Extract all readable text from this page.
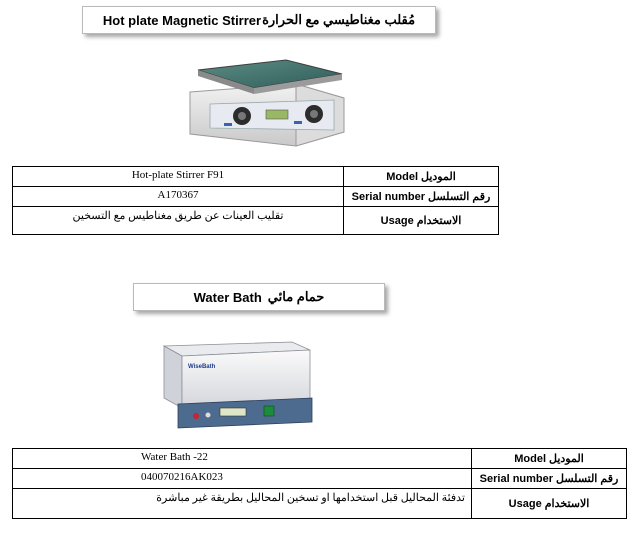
Hot plate Magnetic Stirrer مُقلب مغناطيسي مع الحرارة
Hot-plate Stirrer F91	Model الموديل
A170367	Serial number رقم التسلسل
تقليب العينات عن طريق مغناطيس مع التسخين	Usage الاستخدام
Water Bath حمام مائي
WiseBath
Water Bath -22	Model الموديل
040070216AK023	Serial number رقم التسلسل
تدفئة المحاليل قبل استخدامها او تسخين المحاليل بطريقة غير مباشرة	Usage الاستخدام
